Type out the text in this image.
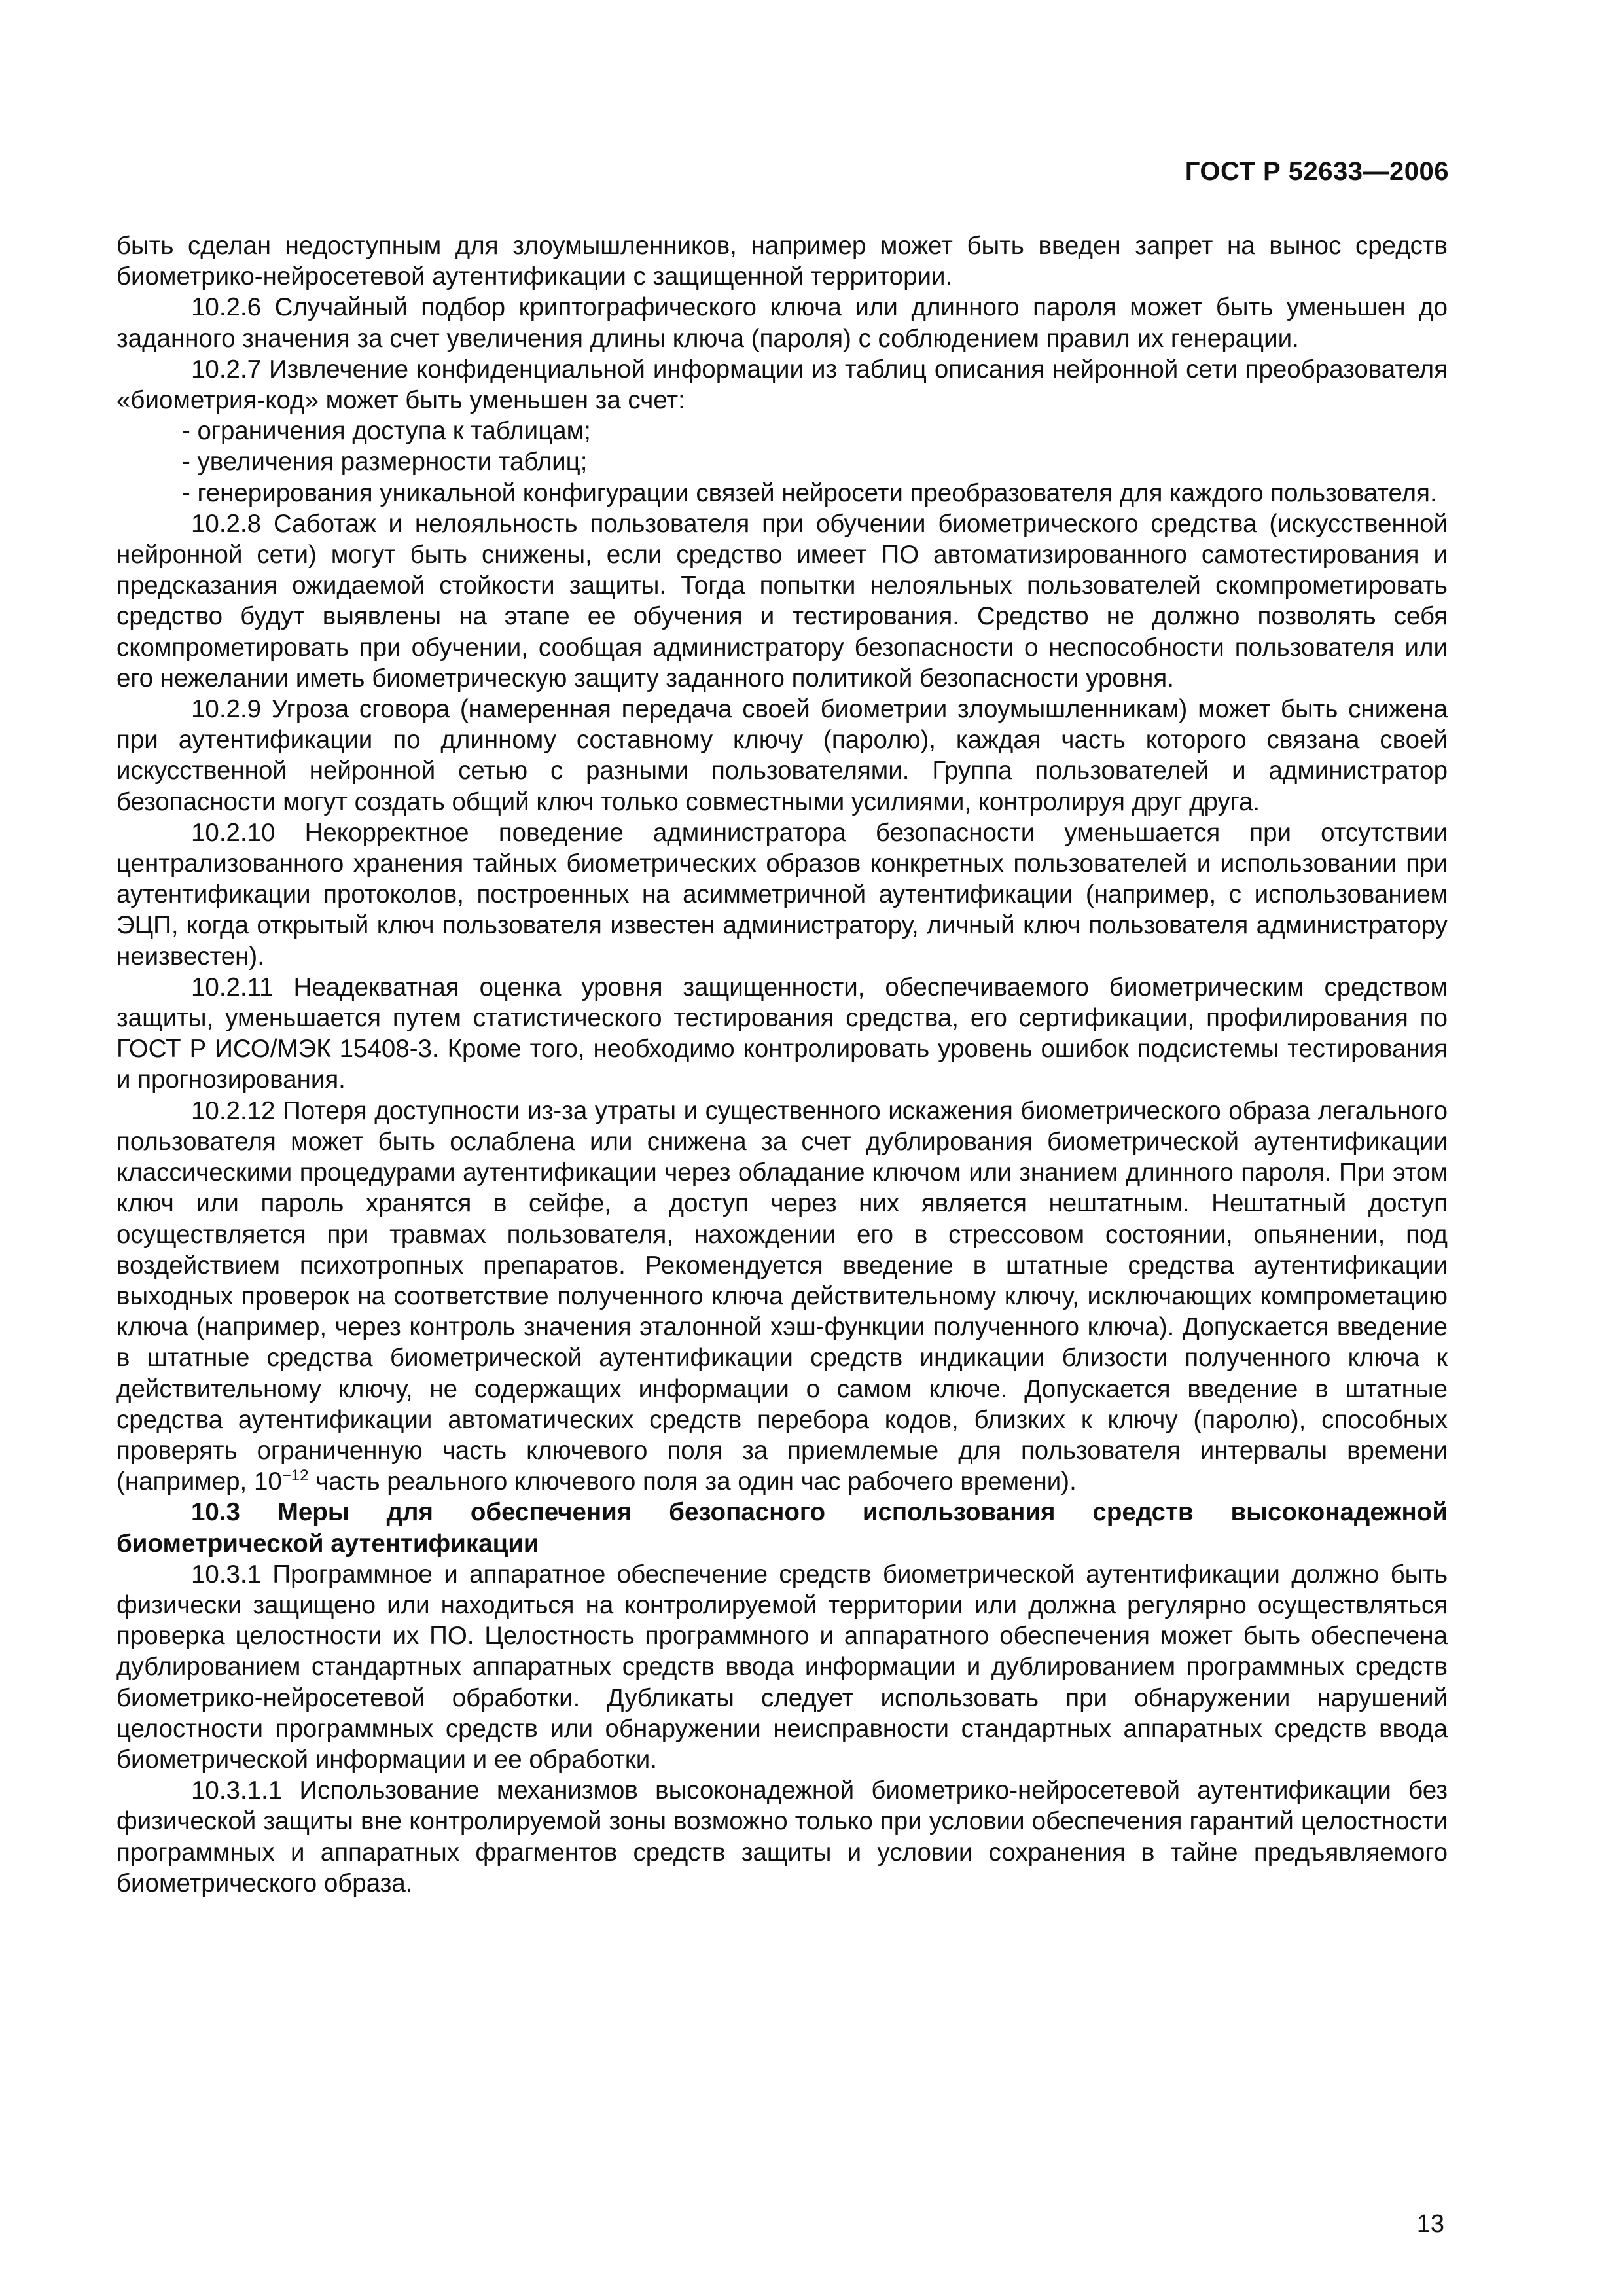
ГОСТ Р 52633—2006

быть сделан недоступным для злоумышленников, например может быть введен запрет на вынос средств биометрико-нейросетевой аутентификации с защищенной территории.

10.2.6 Случайный подбор криптографического ключа или длинного пароля может быть уменьшен до заданного значения за счет увеличения длины ключа (пароля) с соблюдением правил их генерации.

10.2.7 Извлечение конфиденциальной информации из таблиц описания нейронной сети преобразователя «биометрия-код» может быть уменьшен за счет:

- ограничения доступа к таблицам;

- увеличения размерности таблиц;

- генерирования уникальной конфигурации связей нейросети преобразователя для каждого пользователя.

10.2.8 Саботаж и нелояльность пользователя при обучении биометрического средства (искусственной нейронной сети) могут быть снижены, если средство имеет ПО автоматизированного самотестирования и предсказания ожидаемой стойкости защиты. Тогда попытки нелояльных пользователей скомпрометировать средство будут выявлены на этапе ее обучения и тестирования. Средство не должно позволять себя скомпрометировать при обучении, сообщая администратору безопасности о неспособности пользователя или его нежелании иметь биометрическую защиту заданного политикой безопасности уровня.

10.2.9 Угроза сговора (намеренная передача своей биометрии злоумышленникам) может быть снижена при аутентификации по длинному составному ключу (паролю), каждая часть которого связана своей искусственной нейронной сетью с разными пользователями. Группа пользователей и администратор безопасности могут создать общий ключ только совместными усилиями, контролируя друг друга.

10.2.10 Некорректное поведение администратора безопасности уменьшается при отсутствии централизованного хранения тайных биометрических образов конкретных пользователей и использовании при аутентификации протоколов, построенных на асимметричной аутентификации (например, с использованием ЭЦП, когда открытый ключ пользователя известен администратору, личный ключ пользователя администратору неизвестен).

10.2.11 Неадекватная оценка уровня защищенности, обеспечиваемого биометрическим средством защиты, уменьшается путем статистического тестирования средства, его сертификации, профилирования по ГОСТ Р ИСО/МЭК 15408-3. Кроме того, необходимо контролировать уровень ошибок подсистемы тестирования и прогнозирования.

10.2.12 Потеря доступности из-за утраты и существенного искажения биометрического образа легального пользователя может быть ослаблена или снижена за счет дублирования биометрической аутентификации классическими процедурами аутентификации через обладание ключом или знанием длинного пароля. При этом ключ или пароль хранятся в сейфе, а доступ через них является нештатным. Нештатный доступ осуществляется при травмах пользователя, нахождении его в стрессовом состоянии, опьянении, под воздействием психотропных препаратов. Рекомендуется введение в штатные средства аутентификации выходных проверок на соответствие полученного ключа действительному ключу, исключающих компрометацию ключа (например, через контроль значения эталонной хэш-функции полученного ключа). Допускается введение в штатные средства биометрической аутентификации средств индикации близости полученного ключа к действительному ключу, не содержащих информации о самом ключе. Допускается введение в штатные средства аутентификации автоматических средств перебора кодов, близких к ключу (паролю), способных проверять ограниченную часть ключевого поля за приемлемые для пользователя интервалы времени (например, $10^{-12}$ часть реального ключевого поля за один час рабочего времени).

10.3 Меры для обеспечения безопасного использования средств высоконадежной биометрической аутентификации

10.3.1 Программное и аппаратное обеспечение средств биометрической аутентификации должно быть физически защищено или находиться на контролируемой территории или должна регулярно осуществляться проверка целостности их ПО. Целостность программного и аппаратного обеспечения может быть обеспечена дублированием стандартных аппаратных средств ввода информации и дублированием программных средств биометрико-нейросетевой обработки. Дубликаты следует использовать при обнаружении нарушений целостности программных средств или обнаружении неисправности стандартных аппаратных средств ввода биометрической информации и ее обработки.

10.3.1.1 Использование механизмов высоконадежной биометрико-нейросетевой аутентификации без физической защиты вне контролируемой зоны возможно только при условии обеспечения гарантий целостности программных и аппаратных фрагментов средств защиты и условии сохранения в тайне предъявляемого биометрического образа.

13
